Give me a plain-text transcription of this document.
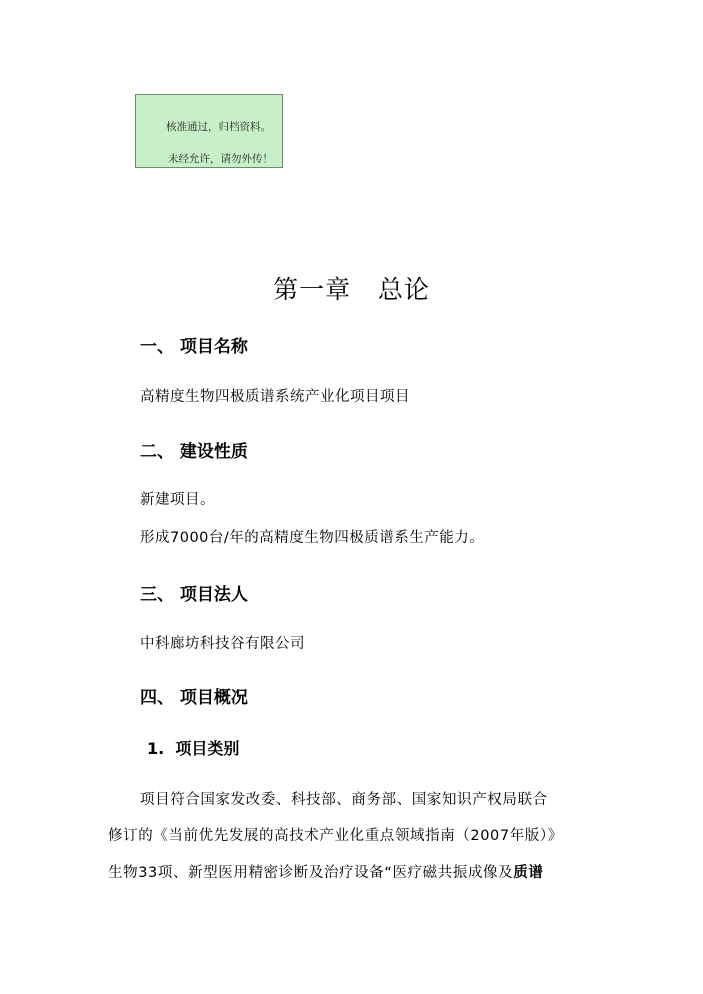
核准通过，归档资料。
未经允许，请勿外传！
第一章   总论
一、 项目名称
高精度生物四极质谱系统产业化项目项目
二、 建设性质
新建项目。
形成7000台/年的高精度生物四极质谱系生产能力。
三、 项目法人
中科廊坊科技谷有限公司
四、 项目概况
1.  项目类别
项目符合国家发改委、科技部、商务部、国家知识产权局联合
修订的《当前优先发展的高技术产业化重点领域指南（2007年版）》
生物33项、新型医用精密诊断及治疗设备“医疗磁共振成像及质谱
